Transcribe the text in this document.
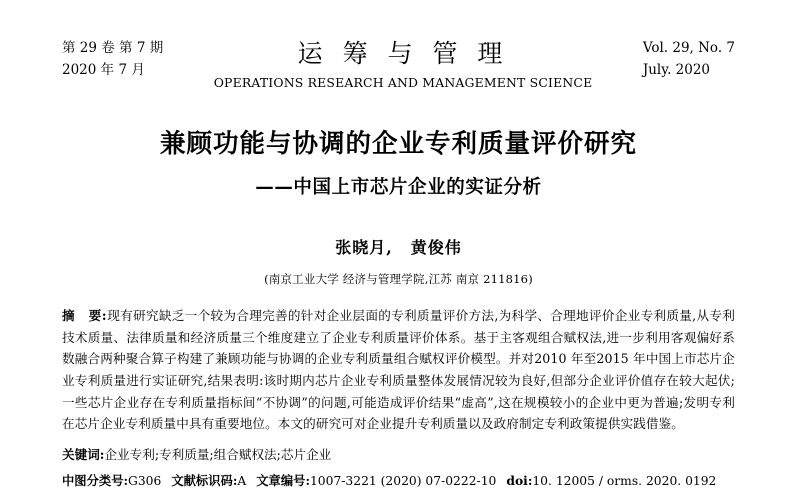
第 29 卷 第 7 期
2020 年 7 月
运 筹 与 管 理
OPERATIONS RESEARCH AND MANAGEMENT SCIENCE
Vol. 29, No. 7
July. 2020
兼顾功能与协调的企业专利质量评价研究
——中国上市芯片企业的实证分析
张晓月, 黄俊伟
(南京工业大学 经济与管理学院,江苏 南京 211816)
摘　要:现有研究缺乏一个较为合理完善的针对企业层面的专利质量评价方法,为科学、合理地评价企业专利质量,从专利技术质量、法律质量和经济质量三个维度建立了企业专利质量评价体系。基于主客观组合赋权法,进一步利用客观偏好系数融合两种聚合算子构建了兼顾功能与协调的企业专利质量组合赋权评价模型。并对2010 年至2015 年中国上市芯片企业专利质量进行实证研究,结果表明:该时期内芯片企业专利质量整体发展情况较为良好,但部分企业评价值存在较大起伏;一些芯片企业存在专利质量指标间“不协调”的问题,可能造成评价结果“虚高”,这在规模较小的企业中更为普遍;发明专利在芯片企业专利质量中具有重要地位。本文的研究可对企业提升专利质量以及政府制定专利政策提供实践借鉴。
关键词:企业专利;专利质量;组合赋权法;芯片企业
中图分类号:G306 文献标识码:A 文章编号:1007-3221 (2020) 07-0222-10 doi:10. 12005 / orms. 2020. 0192
